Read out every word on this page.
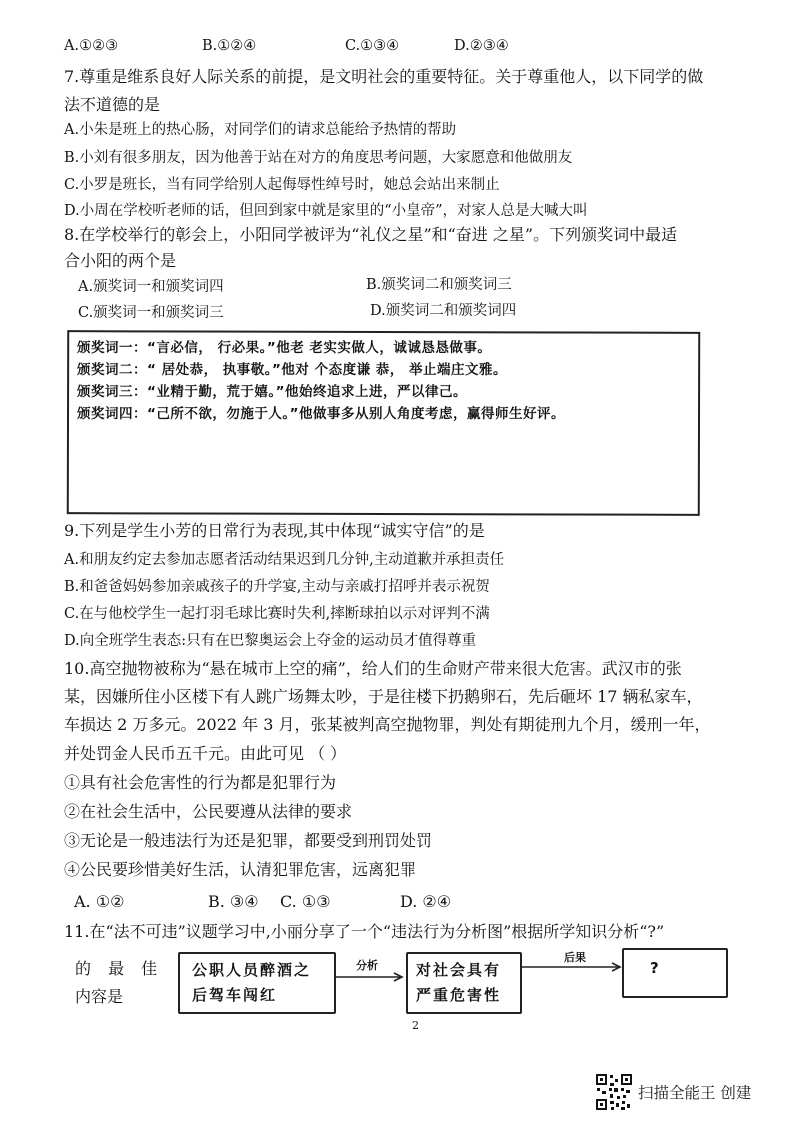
A.①②③	B.①②④	C.①③④	D.②③④
7.尊重是维系良好人际关系的前提，是文明社会的重要特征。关于尊重他人，以下同学的做
法不道德的是
A.小朱是班上的热心肠，对同学们的请求总能给予热情的帮助
B.小刘有很多朋友，因为他善于站在对方的角度思考问题，大家愿意和他做朋友
C.小罗是班长，当有同学给别人起侮辱性绰号时，她总会站出来制止
D.小周在学校听老师的话，但回到家中就是家里的“小皇帝”，对家人总是大喊大叫
8.在学校举行的彰会上，小阳同学被评为“礼仪之星”和“奋进 之星”。下列颁奖词中最适
合小阳的两个是
A.颁奖词一和颁奖词四	B.颁奖词二和颁奖词三
C.颁奖词一和颁奖词三	D.颁奖词二和颁奖词四
颁奖词一：“言必信， 行必果。”他老 老实实做人，诚诚恳恳做事。
颁奖词二：“ 居处恭， 执事敬。”他对 个态度谦 恭， 举止端庄文雅。
颁奖词三：“业精于勤，荒于嬉。”他始终追求上进，严以律己。
颁奖词四：“己所不欲，勿施于人。”他做事多从别人角度考虑，赢得师生好评。
9.下列是学生小芳的日常行为表现,其中体现“诚实守信”的是
A.和朋友约定去参加志愿者活动结果迟到几分钟,主动道歉并承担责任
B.和爸爸妈妈参加亲戚孩子的升学宴,主动与亲戚打招呼并表示祝贺
C.在与他校学生一起打羽毛球比赛时失利,摔断球拍以示对评判不满
D.向全班学生表态:只有在巴黎奥运会上夺金的运动员才值得尊重
10.高空抛物被称为“悬在城市上空的痛”，给人们的生命财产带来很大危害。武汉市的张
某，因嫌所住小区楼下有人跳广场舞太吵，于是往楼下扔鹅卵石，先后砸坏 17 辆私家车，
车损达 2 万多元。2022 年 3 月，张某被判高空抛物罪，判处有期徒刑九个月，缓刑一年，
并处罚金人民币五千元。由此可见 （ ）
①具有社会危害性的行为都是犯罪行为
②在社会生活中，公民要遵从法律的要求
③无论是一般违法行为还是犯罪，都要受到刑罚处罚
④公民要珍惜美好生活，认清犯罪危害，远离犯罪
A. ①②	B. ③④ C. ①③	D. ②④
11.在“法不可违”议题学习中,小丽分享了一个“违法行为分析图”根据所学知识分析“?”
的 最 佳
内容是
公职人员醉酒之
后驾车闯红
分析	对社会具有
严重危害性
后果
?
2
扫描全能王 创建
